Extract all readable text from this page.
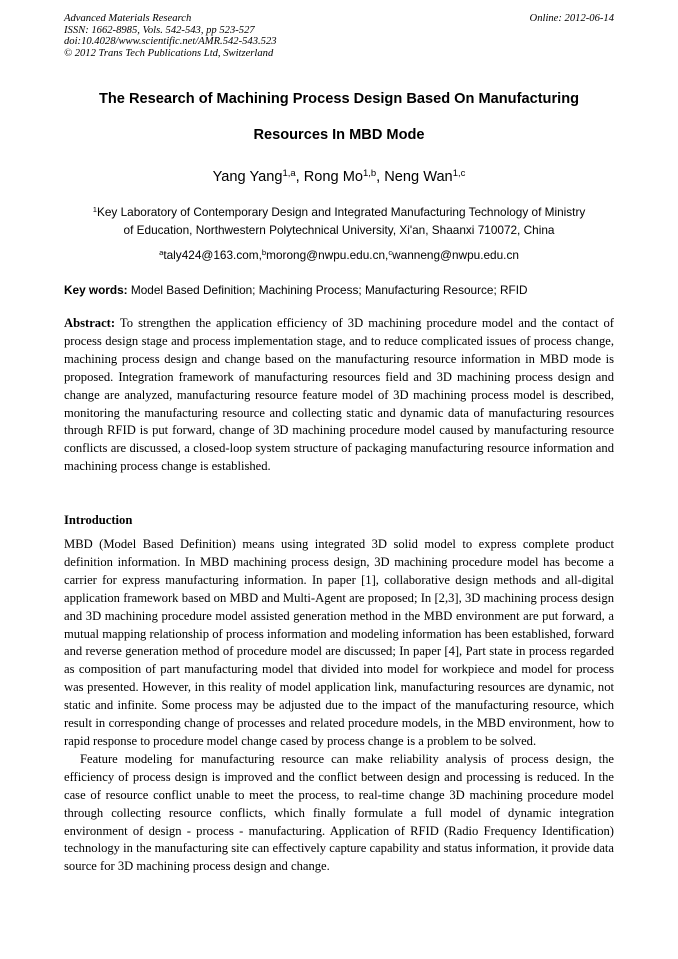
Advanced Materials Research
ISSN: 1662-8985, Vols. 542-543, pp 523-527
doi:10.4028/www.scientific.net/AMR.542-543.523
© 2012 Trans Tech Publications Ltd, Switzerland
Online: 2012-06-14
The Research of Machining Process Design Based On Manufacturing
Resources In MBD Mode
Yang Yang$^{1,a}$, Rong Mo$^{1,b}$, Neng Wan$^{1,c}$
$^1$Key Laboratory of Contemporary Design and Integrated Manufacturing Technology of Ministry
of Education, Northwestern Polytechnical University, Xi'an, Shaanxi 710072, China
$^a$taly424@163.com,$^b$morong@nwpu.edu.cn,$^c$wanneng@nwpu.edu.cn
Key words: Model Based Definition; Machining Process; Manufacturing Resource; RFID
Abstract: To strengthen the application efficiency of 3D machining procedure model and the contact of process design stage and process implementation stage, and to reduce complicated issues of process change, machining process design and change based on the manufacturing resource information in MBD mode is proposed. Integration framework of manufacturing resources field and 3D machining process design and change are analyzed, manufacturing resource feature model of 3D machining process model is described, monitoring the manufacturing resource and collecting static and dynamic data of manufacturing resources through RFID is put forward, change of 3D machining procedure model caused by manufacturing resource conflicts are discussed, a closed-loop system structure of packaging manufacturing resource information and machining process change is established.
Introduction

MBD (Model Based Definition) means using integrated 3D solid model to express complete product definition information. In MBD machining process design, 3D machining procedure model has become a carrier for express manufacturing information. In paper [1], collaborative design methods and all-digital application framework based on MBD and Multi-Agent are proposed; In [2,3], 3D machining process design and 3D machining procedure model assisted generation method in the MBD environment are put forward, a mutual mapping relationship of process information and modeling information has been established, forward and reverse generation method of procedure model are discussed; In paper [4], Part state in process regarded as composition of part manufacturing model that divided into model for workpiece and model for process was presented. However, in this reality of model application link, manufacturing resources are dynamic, not static and infinite. Some process may be adjusted due to the impact of the manufacturing resource, which result in corresponding change of processes and related procedure models, in the MBD environment, how to rapid response to procedure model change cased by process change is a problem to be solved.

Feature modeling for manufacturing resource can make reliability analysis of process design, the efficiency of process design is improved and the conflict between design and processing is reduced. In the case of resource conflict unable to meet the process, to real-time change 3D machining procedure model through collecting resource conflicts, which finally formulate a full model of dynamic integration environment of design - process - manufacturing. Application of RFID (Radio Frequency Identification) technology in the manufacturing site can effectively capture capability and status information, it provide data source for 3D machining process design and change.
